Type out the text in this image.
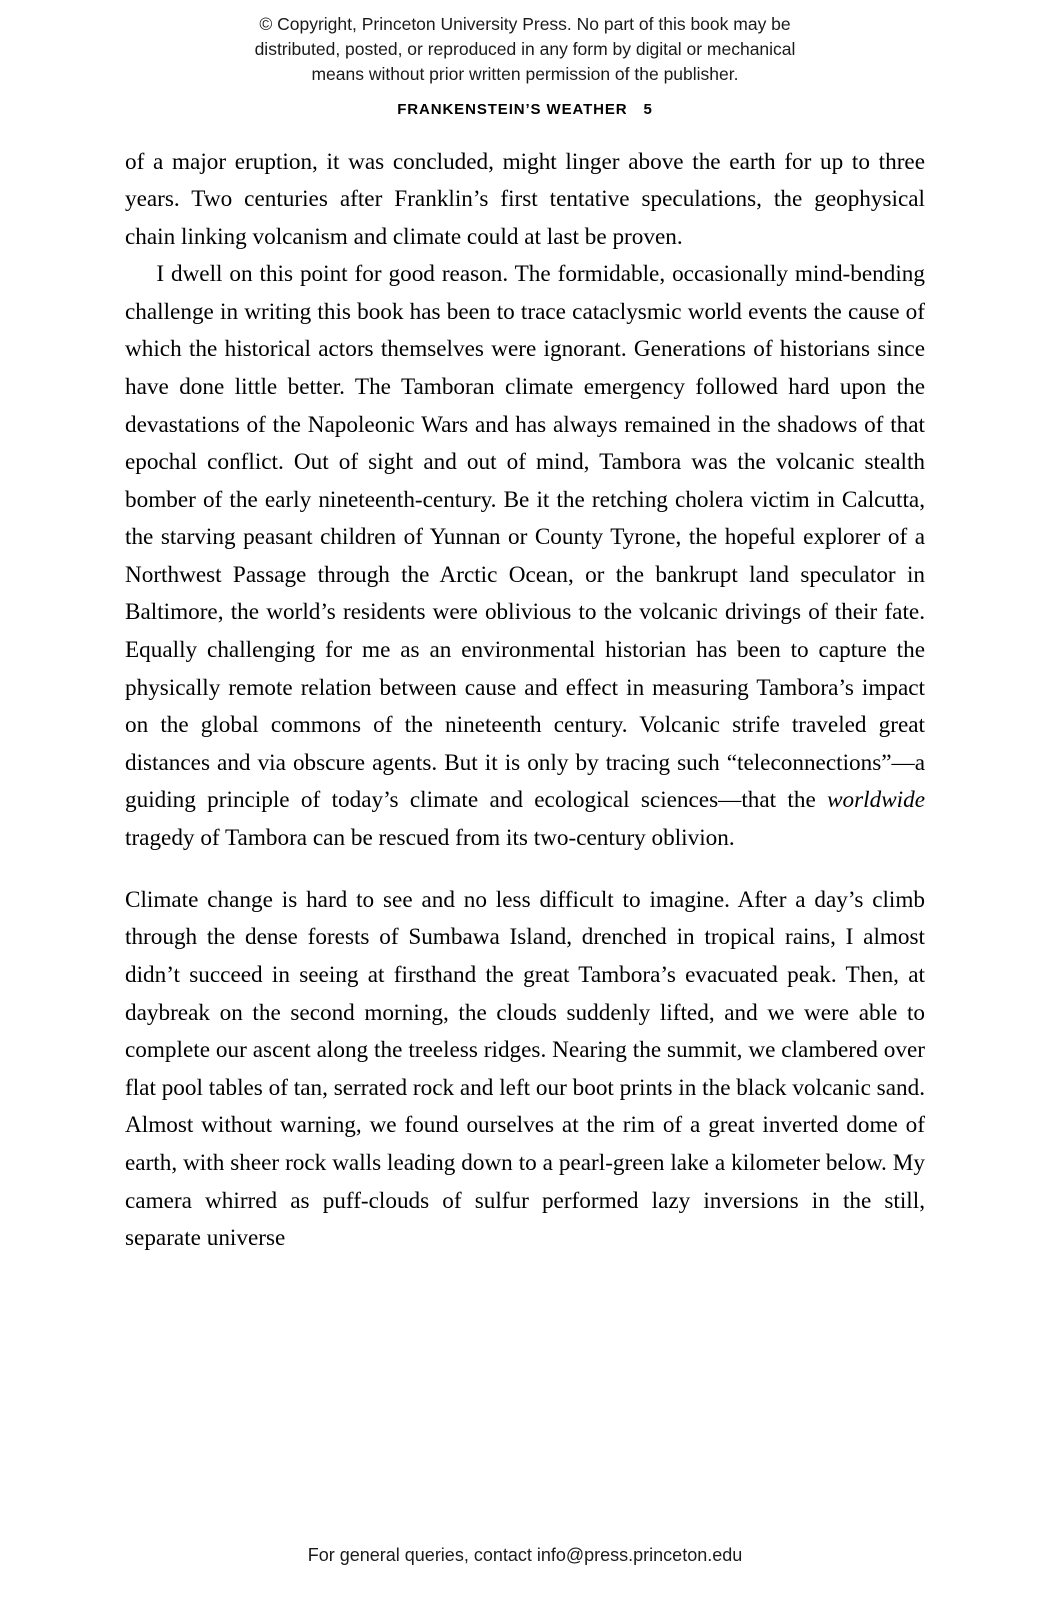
© Copyright, Princeton University Press. No part of this book may be
distributed, posted, or reproduced in any form by digital or mechanical
means without prior written permission of the publisher.
FRANKENSTEIN’S WEATHER 5

of a major eruption, it was concluded, might linger above the earth for up to three years. Two centuries after Franklin’s first tentative speculations, the geophysical chain linking volcanism and climate could at last be proven.

I dwell on this point for good reason. The formidable, occasionally mind-bending challenge in writing this book has been to trace cataclysmic world events the cause of which the historical actors themselves were ignorant. Generations of historians since have done little better. The Tamboran climate emergency followed hard upon the devastations of the Napoleonic Wars and has always remained in the shadows of that epochal conflict. Out of sight and out of mind, Tambora was the volcanic stealth bomber of the early nineteenth-century. Be it the retching cholera victim in Calcutta, the starving peasant children of Yunnan or County Tyrone, the hopeful explorer of a Northwest Passage through the Arctic Ocean, or the bankrupt land speculator in Baltimore, the world’s residents were oblivious to the volcanic drivings of their fate. Equally challenging for me as an environmental historian has been to capture the physically remote relation between cause and effect in measuring Tambora’s impact on the global commons of the nineteenth century. Volcanic strife traveled great distances and via obscure agents. But it is only by tracing such “teleconnections”—a guiding principle of today’s climate and ecological sciences—that the worldwide tragedy of Tambora can be rescued from its two-century oblivion.

Climate change is hard to see and no less difficult to imagine. After a day’s climb through the dense forests of Sumbawa Island, drenched in tropical rains, I almost didn’t succeed in seeing at firsthand the great Tambora’s evacuated peak. Then, at daybreak on the second morning, the clouds suddenly lifted, and we were able to complete our ascent along the treeless ridges. Nearing the summit, we clambered over flat pool tables of tan, serrated rock and left our boot prints in the black volcanic sand. Almost without warning, we found ourselves at the rim of a great inverted dome of earth, with sheer rock walls leading down to a pearl-green lake a kilometer below. My camera whirred as puff-clouds of sulfur performed lazy inversions in the still, separate universe

For general queries, contact info@press.princeton.edu
